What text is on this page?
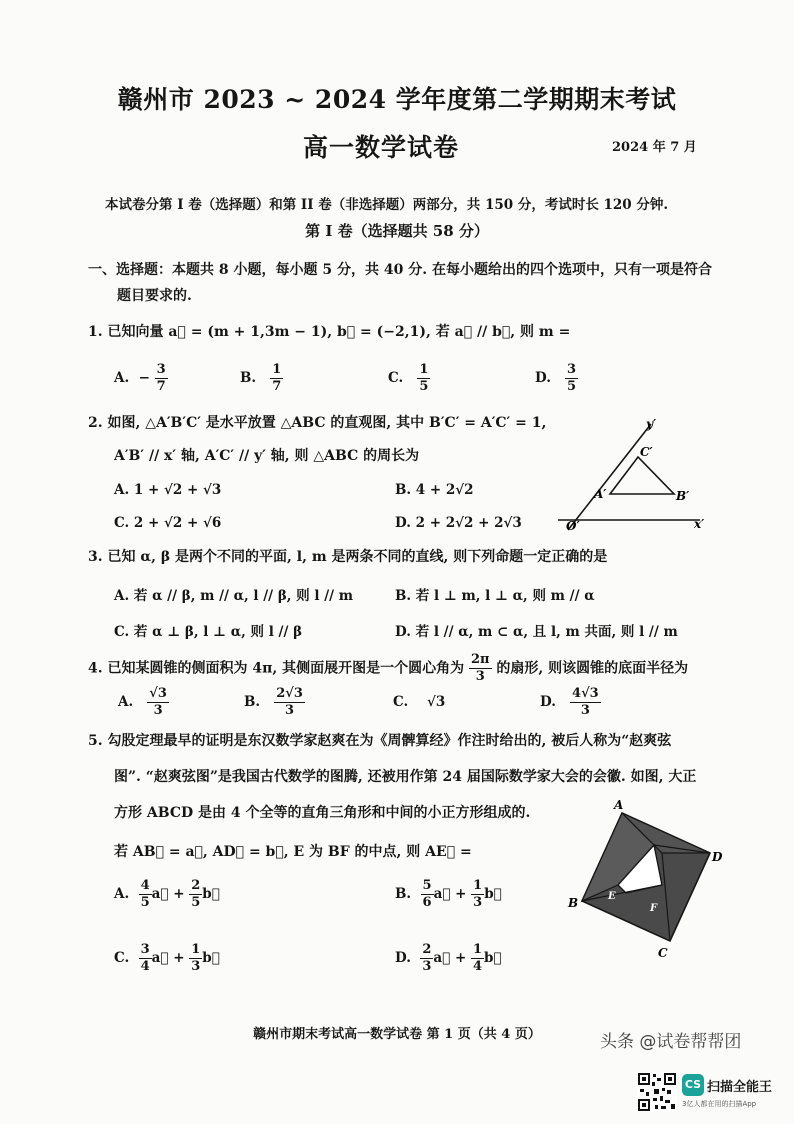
赣州市 2023 ~ 2024 学年度第二学期期末考试
高一数学试卷	2024 年 7 月
本试卷分第 I 卷（选择题）和第 II 卷（非选择题）两部分，共 150 分，考试时长 120 分钟.
第 I 卷（选择题共 58 分）
一、选择题：本题共 8 小题，每小题 5 分，共 40 分. 在每小题给出的四个选项中，只有一项是符合
题目要求的.
1. 已知向量 a⃗ = (m + 1,3m − 1), b⃗ = (−2,1), 若 a⃗ // b⃗, 则 m =
A. − $\frac{3}{7}$	B. $\frac{1}{7}$	C. $\frac{1}{5}$	D. $\frac{3}{5}$
2. 如图, △A′B′C′ 是水平放置 △ABC 的直观图, 其中 B′C′ = A′C′ = 1,
A′B′ // x′ 轴, A′C′ // y′ 轴, 则 △ABC 的周长为
A. 1 + √2 + √3	B. 4 + 2√2
C. 2 + √2 + √6	D. 2 + 2√2 + 2√3
y′
x′
O′
A′	B′
C′
3. 已知 α, β 是两个不同的平面, l, m 是两条不同的直线, 则下列命题一定正确的是
A. 若 α // β, m // α, l // β, 则 l // m	B. 若 l ⊥ m, l ⊥ α, 则 m // α
C. 若 α ⊥ β, l ⊥ α, 则 l // β	D. 若 l // α, m ⊂ α, 且 l, m 共面, 则 l // m
4. 已知某圆锥的侧面积为 4π, 其侧面展开图是一个圆心角为 $\frac{2\pi}{3}$ 的扇形, 则该圆锥的底面半径为
A. $\frac{√3}{3}$	B. $\frac{2√3}{3}$	C. √3	D. $\frac{4√3}{3}$
5. 勾股定理最早的证明是东汉数学家赵爽在为《周髀算经》作注时给出的, 被后人称为“赵爽弦
图”. “赵爽弦图”是我国古代数学的图腾, 还被用作第 24 届国际数学家大会的会徽. 如图, 大正
方形 ABCD 是由 4 个全等的直角三角形和中间的小正方形组成的.
若 AB⃗ = a⃗, AD⃗ = b⃗, E 为 BF 的中点, 则 AE⃗ =
A. $\frac{4}{5}$ a⃗ + $\frac{2}{5}$ b⃗	B. $\frac{5}{6}$ a⃗ + $\frac{1}{3}$ b⃗
C. $\frac{3}{4}$ a⃗ + $\frac{1}{3}$ b⃗	D. $\frac{2}{3}$ a⃗ + $\frac{1}{4}$ b⃗
A
D
B
C
E
F
赣州市期末考试高一数学试卷 第 1 页（共 4 页）	头条 @试卷帮帮团
CS 扫描全能王
3亿人都在用的扫描App
